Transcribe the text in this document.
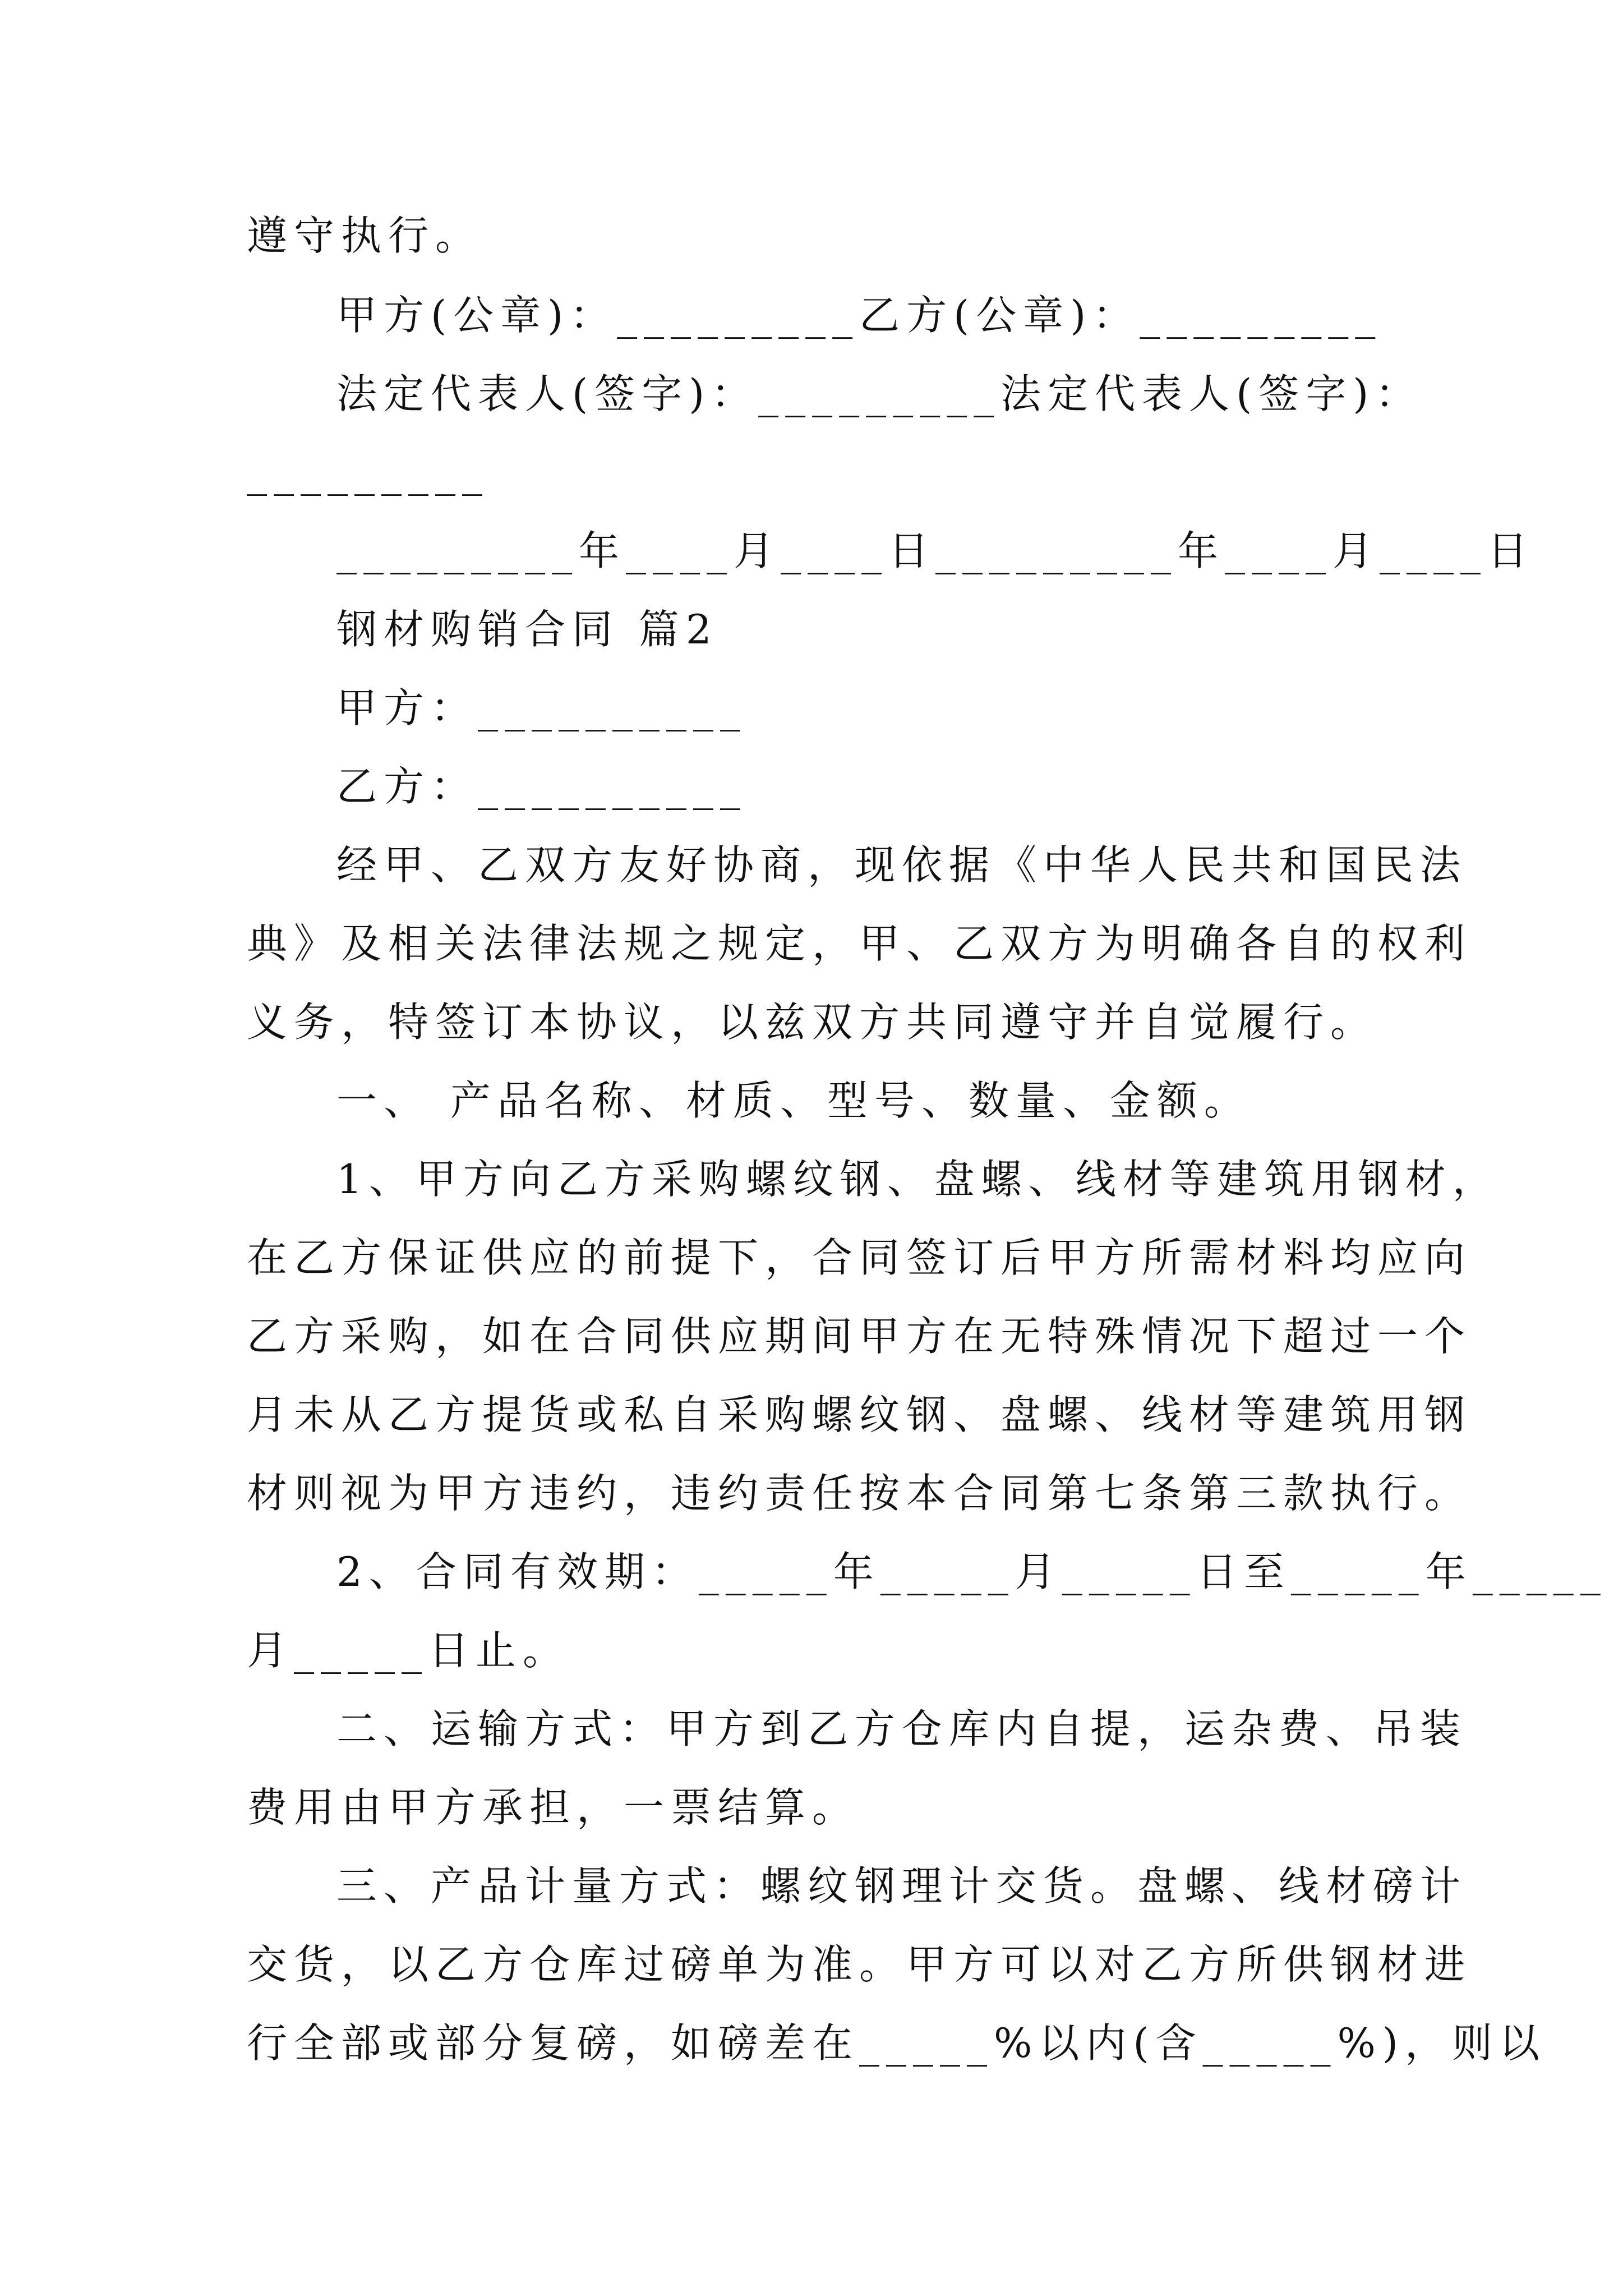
遵守执行。
甲方(公章)：_________乙方(公章)：_________
法定代表人(签字)：_________法定代表人(签字)：
_________
_________年____月____日_________年____月____日
钢材购销合同 篇2
甲方：__________
乙方：__________
经甲、乙双方友好协商，现依据《中华人民共和国民法
典》及相关法律法规之规定，甲、乙双方为明确各自的权利
义务，特签订本协议，以兹双方共同遵守并自觉履行。
一、 产品名称、材质、型号、数量、金额。
1、甲方向乙方采购螺纹钢、盘螺、线材等建筑用钢材，
在乙方保证供应的前提下，合同签订后甲方所需材料均应向
乙方采购，如在合同供应期间甲方在无特殊情况下超过一个
月未从乙方提货或私自采购螺纹钢、盘螺、线材等建筑用钢
材则视为甲方违约，违约责任按本合同第七条第三款执行。
2、合同有效期：_____年_____月_____日至_____年_____
月_____日止。
二、运输方式：甲方到乙方仓库内自提，运杂费、吊装
费用由甲方承担，一票结算。
三、产品计量方式：螺纹钢理计交货。盘螺、线材磅计
交货，以乙方仓库过磅单为准。甲方可以对乙方所供钢材进
行全部或部分复磅，如磅差在_____%以内(含_____%)，则以
